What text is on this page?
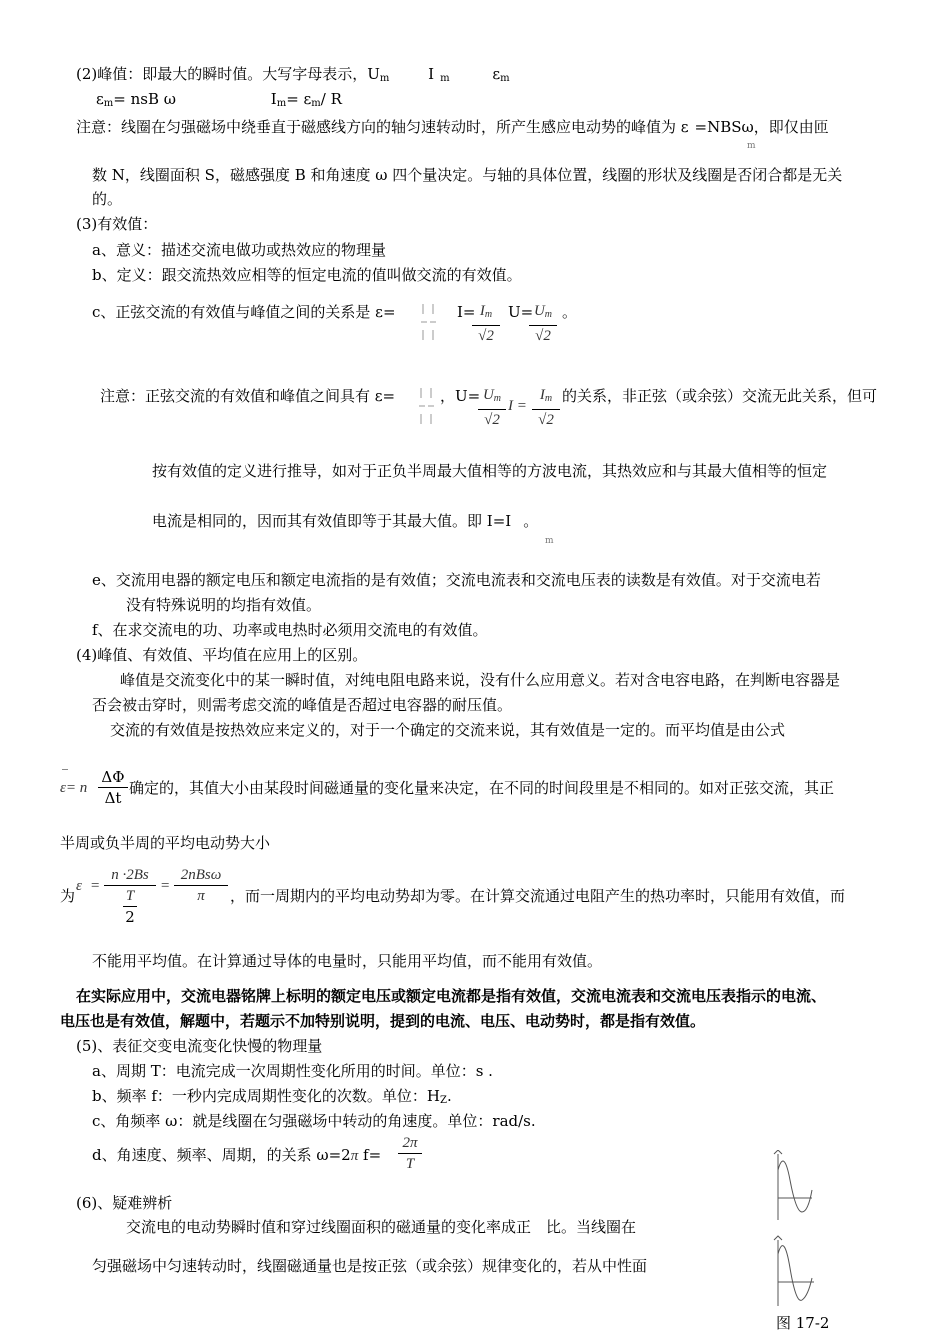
(2)峰值：即最大的瞬时值。大写字母表示，Um	I m	εm
εm= nsB ω	Im= εm/ R
注意：线圈在匀强磁场中绕垂直于磁感线方向的轴匀速转动时，所产生感应电动势的峰值为 ε =NBSω，即仅由匝
m
数 N，线圈面积 S，磁感强度 B 和角速度 ω 四个量决定。与轴的具体位置，线圈的形状及线圈是否闭合都是无关
的。
(3)有效值：
a、意义：描述交流电做功或热效应的物理量
b、定义：跟交流热效应相等的恒定电流的值叫做交流的有效值。
c、正弦交流的有效值与峰值之间的关系是 ε=	I= Im
√2
U= Um
√2
。
注意：正弦交流的有效值和峰值之间具有 ε=	，U= Um
√2
I =
Im
√2
的关系，非正弦（或余弦）交流无此关系，但可
按有效值的定义进行推导，如对于正负半周最大值相等的方波电流，其热效应和与其最大值相等的恒定
电流是相同的，因而其有效值即等于其最大值。即 I=I 。
m
e、交流用电器的额定电压和额定电流指的是有效值；交流电流表和交流电压表的读数是有效值。对于交流电若
没有特殊说明的均指有效值。
f、在求交流电的功、功率或电热时必须用交流电的有效值。
(4)峰值、有效值、平均值在应用上的区别。
峰值是交流变化中的某一瞬时值，对纯电阻电路来说，没有什么应用意义。若对含电容电路，在判断电容器是
否会被击穿时，则需考虑交流的峰值是否超过电容器的耐压值。
交流的有效值是按热效应来定义的，对于一个确定的交流来说，其有效值是一定的。而平均值是由公式
ε= n
‾ ΔΦ
Δt
确定的，其值大小由某段时间磁通量的变化量来决定，在不同的时间段里是不相同的。如对正弦交流，其正
半周或负半周的平均电动势大小
为
ε =
n ·2Bs
T
2
=
2nBsω
π	，而一周期内的平均电动势却为零。在计算交流通过电阻产生的热功率时，只能用有效值，而
不能用平均值。在计算通过导体的电量时，只能用平均值，而不能用有效值。
在实际应用中，交流电器铭牌上标明的额定电压或额定电流都是指有效值，交流电流表和交流电压表指示的电流、
电压也是有效值，解题中，若题示不加特别说明，提到的电流、电压、电动势时，都是指有效值。
(5)、表征交变电流变化快慢的物理量
a、周期 T：电流完成一次周期性变化所用的时间。单位：s .
b、频率 f：一秒内完成周期性变化的次数。单位：HZ.
c、角频率 ω：就是线圈在匀强磁场中转动的角速度。单位：rad/s.
d、角速度、频率、周期，的关系 ω=2π f=
2π
T
(6)、疑难辨析
交流电的电动势瞬时值和穿过线圈面积的磁通量的变化率成正　比。当线圈在
匀强磁场中匀速转动时，线圈磁通量也是按正弦（或余弦）规律变化的，若从中性面
图 17-2
